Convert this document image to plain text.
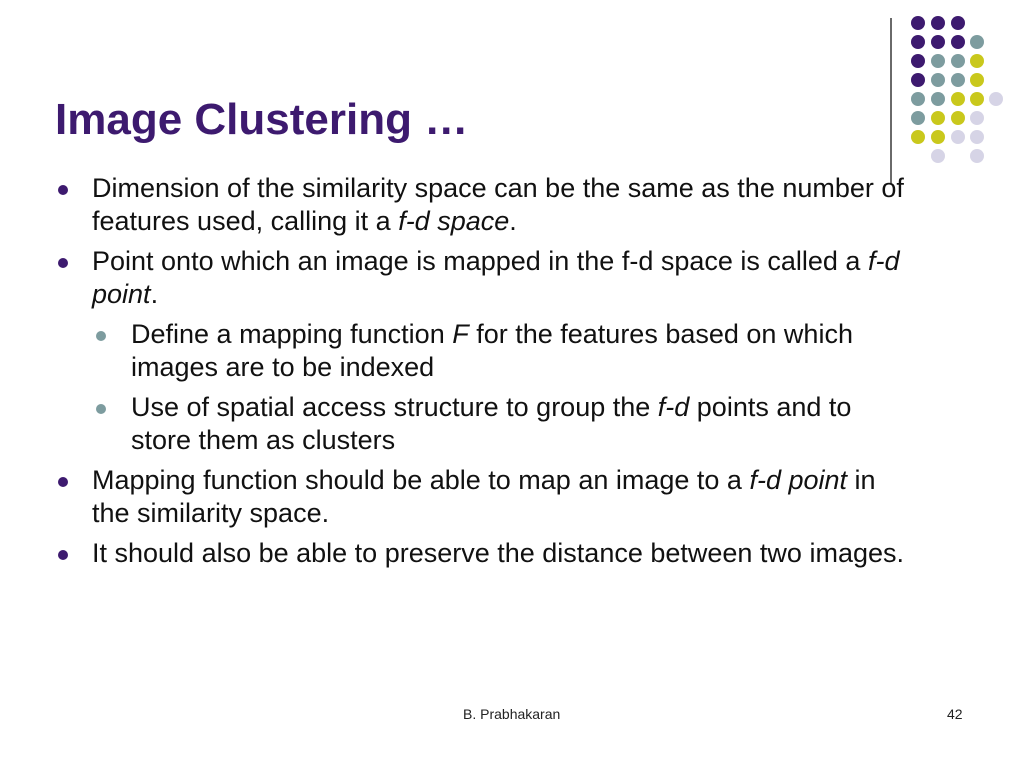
Image Clustering …
Dimension of the similarity space can be the same as the number of features used, calling it a f-d space.
Point onto which an image is mapped in the f-d space is called a f-d point.
Define a mapping function F for the features based on which images are to be indexed
Use of spatial access structure to group the f-d points and to store them as clusters
Mapping function should be able to map an image to a f-d point in the similarity space.
It should also be able to preserve the distance between two images.
B. Prabhakaran	42
